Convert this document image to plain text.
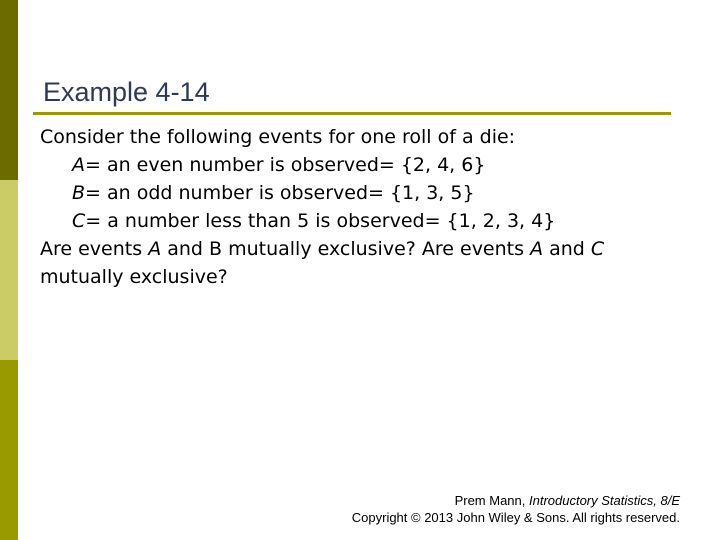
Example 4-14
Consider the following events for one roll of a die:
A= an even number is observed= {2, 4, 6}
B= an odd number is observed= {1, 3, 5}
C= a number less than 5 is observed= {1, 2, 3, 4}
Are events A and B mutually exclusive? Are events A and C
mutually exclusive?
Prem Mann, Introductory Statistics, 8/E
Copyright © 2013 John Wiley & Sons. All rights reserved.
